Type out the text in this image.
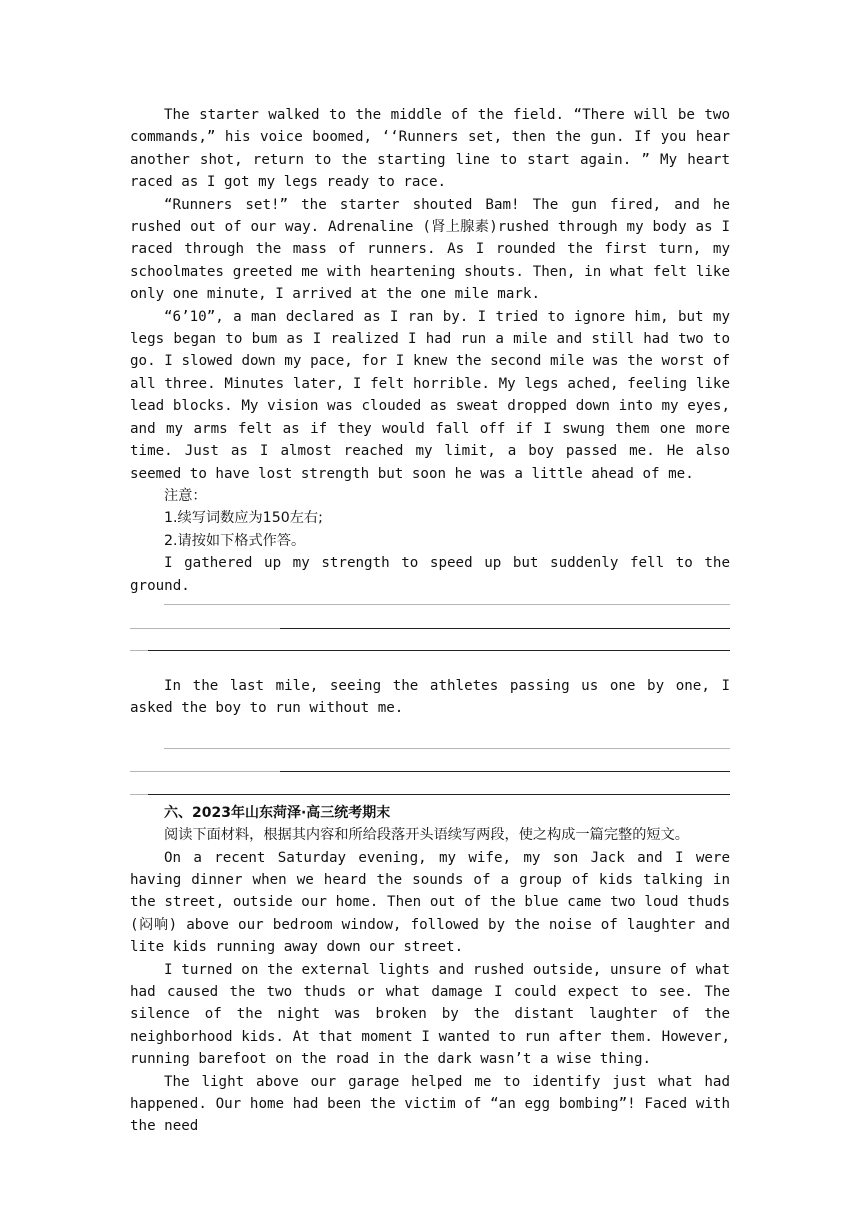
The starter walked to the middle of the field. “There will be two commands,” his voice boomed, ‘‘Runners set, then the gun. If you hear another shot, return to the starting line to start again. ” My heart raced as I got my legs ready to race.

“Runners set!” the starter shouted Bam! The gun fired, and he rushed out of our way. Adrenaline (肾上腺素)rushed through my body as I raced through the mass of runners. As I rounded the first turn, my schoolmates greeted me with heartening shouts. Then, in what felt like only one minute, I arrived at the one mile mark.

“6’10”, a man declared as I ran by. I tried to ignore him, but my legs began to bum as I realized I had run a mile and still had two to go. I slowed down my pace, for I knew the second mile was the worst of all three. Minutes later, I felt horrible. My legs ached, feeling like lead blocks. My vision was clouded as sweat dropped down into my eyes, and my arms felt as if they would fall off if I swung them one more time. Just as I almost reached my limit, a boy passed me. He also seemed to have lost strength but soon he was a little ahead of me.

注意：

1.续写词数应为150左右;

2.请按如下格式作答。

I gathered up my strength to speed up but suddenly fell to the ground.

In the last mile, seeing the athletes passing us one by one, I asked the boy to run without me.

六、2023年山东菏泽·高三统考期末

阅读下面材料，根据其内容和所给段落开头语续写两段，使之构成一篇完整的短文。

On a recent Saturday evening, my wife, my son Jack and I were having dinner when we heard the sounds of a group of kids talking in the street, outside our home. Then out of the blue came two loud thuds (闷响) above our bedroom window, followed by the noise of laughter and lite kids running away down our street.

I turned on the external lights and rushed outside, unsure of what had caused the two thuds or what damage I could expect to see. The silence of the night was broken by the distant laughter of the neighborhood kids. At that moment I wanted to run after them. However, running barefoot on the road in the dark wasn’t a wise thing.

The light above our garage helped me to identify just what had happened. Our home had been the victim of “an egg bombing”! Faced with the need
